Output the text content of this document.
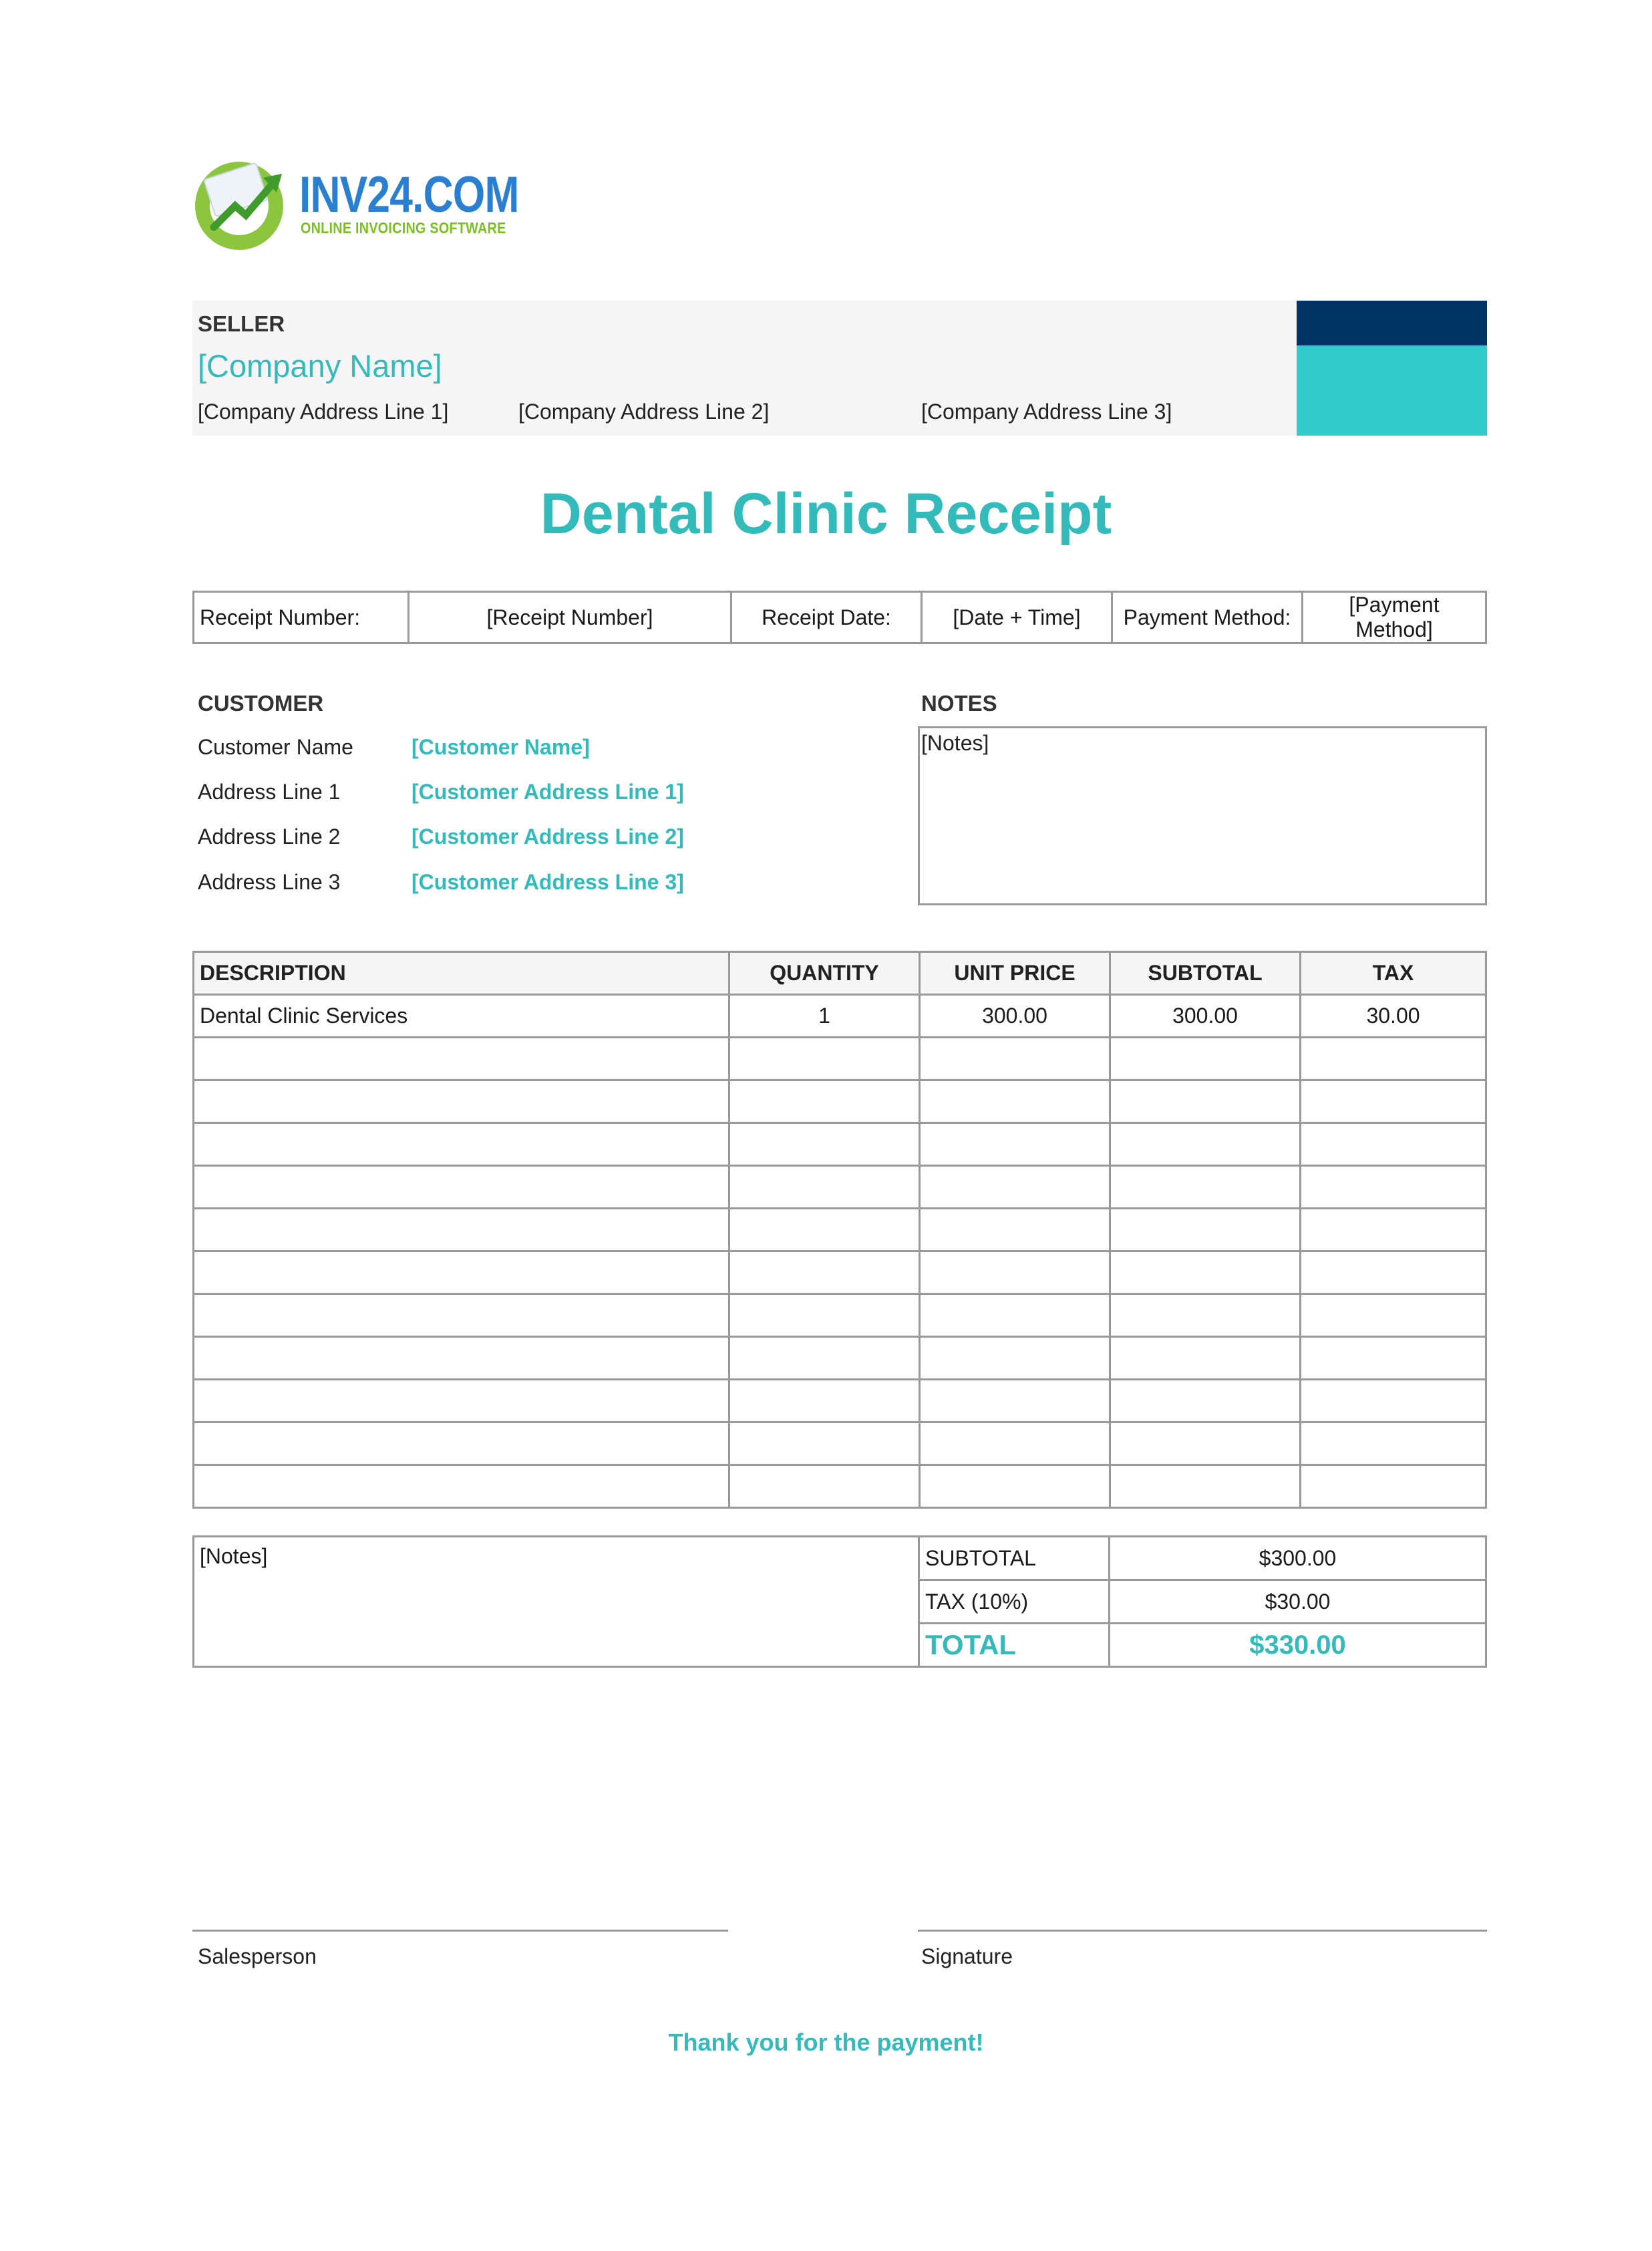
INV24.COM
ONLINE INVOICING SOFTWARE
SELLER
[Company Name]
[Company Address Line 1]	[Company Address Line 2]	[Company Address Line 3]
Dental Clinic Receipt
Receipt Number:	[Receipt Number]	Receipt Date:	[Date + Time]	Payment Method:	[Payment Method]
CUSTOMER
Customer Name	[Customer Name]
Address Line 1	[Customer Address Line 1]
Address Line 2	[Customer Address Line 2]
Address Line 3	[Customer Address Line 3]
NOTES
[Notes]
DESCRIPTION	QUANTITY	UNIT PRICE	SUBTOTAL	TAX
Dental Clinic Services	1	300.00	300.00	30.00

[Notes]	SUBTOTAL	$300.00
	TAX (10%)	$30.00
	TOTAL	$330.00
Salesperson	Signature
Thank you for the payment!
